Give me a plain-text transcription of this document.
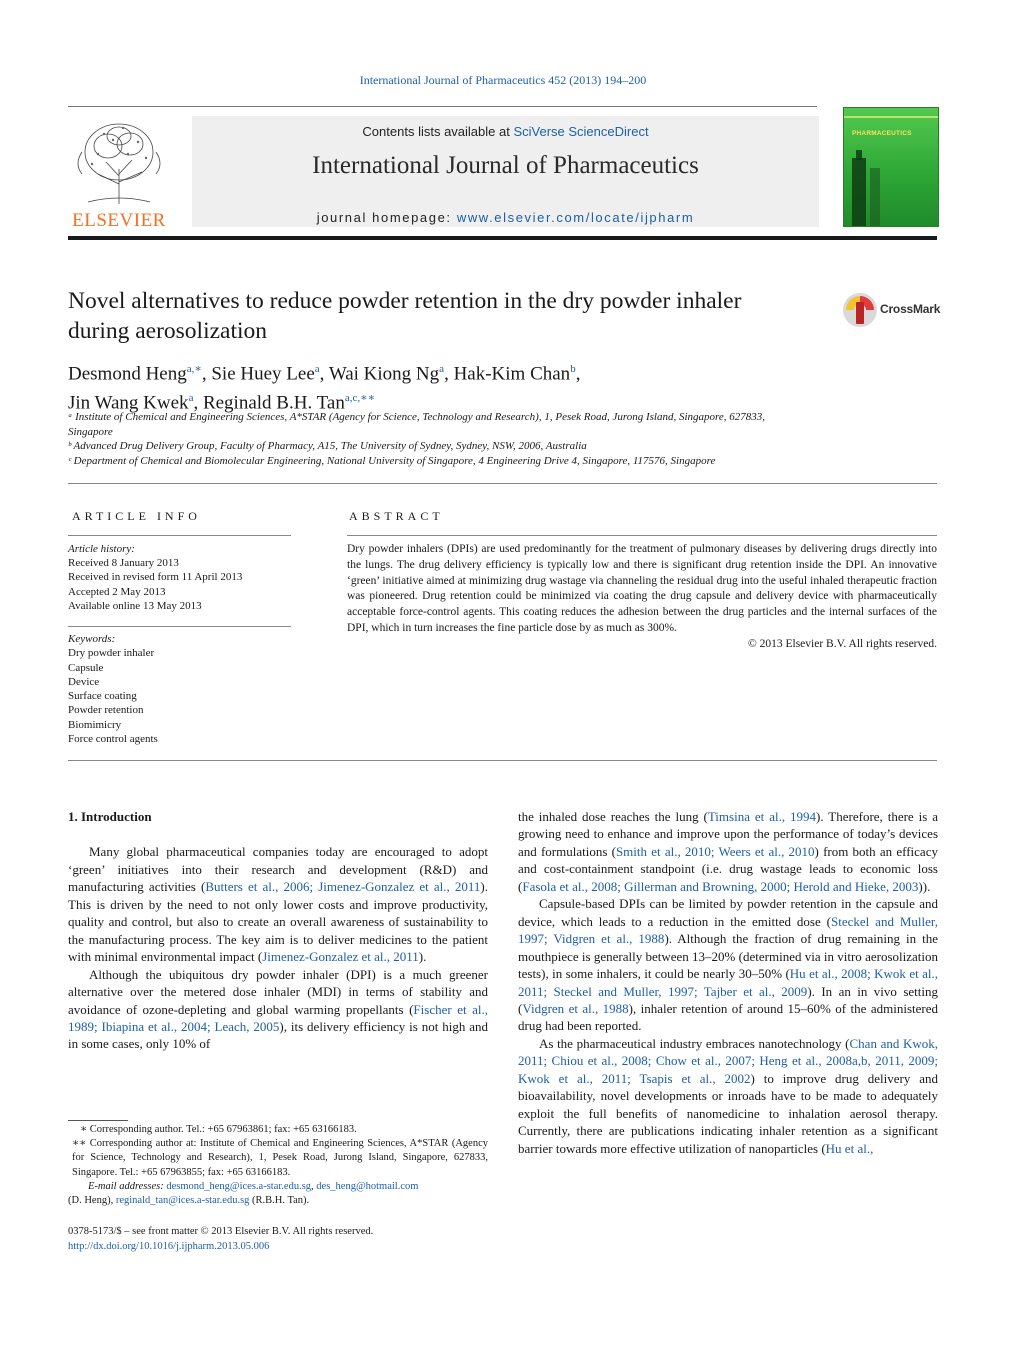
International Journal of Pharmaceutics 452 (2013) 194–200
ELSEVIER
Contents lists available at SciVerse ScienceDirect
International Journal of Pharmaceutics
journal homepage: www.elsevier.com/locate/ijpharm
PHARMACEUTICS
Novel alternatives to reduce powder retention in the dry powder inhaler during aerosolization
CrossMark
Desmond Heng$^{a,∗}$, Sie Huey Lee$^a$, Wai Kiong Ng$^a$, Hak-Kim Chan$^b$,
Jin Wang Kwek$^a$, Reginald B.H. Tan$^{a,c,∗∗}$
ᵃ Institute of Chemical and Engineering Sciences, A*STAR (Agency for Science, Technology and Research), 1, Pesek Road, Jurong Island, Singapore, 627833, Singapore
ᵇ Advanced Drug Delivery Group, Faculty of Pharmacy, A15, The University of Sydney, Sydney, NSW, 2006, Australia
ᶜ Department of Chemical and Biomolecular Engineering, National University of Singapore, 4 Engineering Drive 4, Singapore, 117576, Singapore
ARTICLE INFO
Article history:
Received 8 January 2013
Received in revised form 11 April 2013
Accepted 2 May 2013
Available online 13 May 2013
Keywords:
Dry powder inhaler
Capsule
Device
Surface coating
Powder retention
Biomimicry
Force control agents
ABSTRACT
Dry powder inhalers (DPIs) are used predominantly for the treatment of pulmonary diseases by delivering drugs directly into the lungs. The drug delivery efficiency is typically low and there is significant drug retention inside the DPI. An innovative ‘green’ initiative aimed at minimizing drug wastage via channeling the residual drug into the useful inhaled therapeutic fraction was pioneered. Drug retention could be minimized via coating the drug capsule and delivery device with pharmaceutically acceptable force-control agents. This coating reduces the adhesion between the drug particles and the internal surfaces of the DPI, which in turn increases the fine particle dose by as much as 300%.
© 2013 Elsevier B.V. All rights reserved.
1. Introduction

Many global pharmaceutical companies today are encouraged to adopt ‘green’ initiatives into their research and development (R&D) and manufacturing activities (Butters et al., 2006; Jimenez-Gonzalez et al., 2011). This is driven by the need to not only lower costs and improve productivity, quality and control, but also to create an overall awareness of sustainability to the manufacturing process. The key aim is to deliver medicines to the patient with minimal environmental impact (Jimenez-Gonzalez et al., 2011).

Although the ubiquitous dry powder inhaler (DPI) is a much greener alternative over the metered dose inhaler (MDI) in terms of stability and avoidance of ozone-depleting and global warming propellants (Fischer et al., 1989; Ibiapina et al., 2004; Leach, 2005), its delivery efficiency is not high and in some cases, only 10% of

∗ Corresponding author. Tel.: +65 67963861; fax: +65 63166183.

∗∗ Corresponding author at: Institute of Chemical and Engineering Sciences, A*STAR (Agency for Science, Technology and Research), 1, Pesek Road, Jurong Island, Singapore, 627833, Singapore. Tel.: +65 67963855; fax: +65 63166183.

E-mail addresses: desmond_heng@ices.a-star.edu.sg, des_heng@hotmail.com

(D. Heng), reginald_tan@ices.a-star.edu.sg (R.B.H. Tan).

0378-5173/$ – see front matter © 2013 Elsevier B.V. All rights reserved.
http://dx.doi.org/10.1016/j.ijpharm.2013.05.006

the inhaled dose reaches the lung (Timsina et al., 1994). Therefore, there is a growing need to enhance and improve upon the performance of today’s devices and formulations (Smith et al., 2010; Weers et al., 2010) from both an efficacy and cost-containment standpoint (i.e. drug wastage leads to economic loss (Fasola et al., 2008; Gillerman and Browning, 2000; Herold and Hieke, 2003)).

Capsule-based DPIs can be limited by powder retention in the capsule and device, which leads to a reduction in the emitted dose (Steckel and Muller, 1997; Vidgren et al., 1988). Although the fraction of drug remaining in the mouthpiece is generally between 13–20% (determined via in vitro aerosolization tests), in some inhalers, it could be nearly 30–50% (Hu et al., 2008; Kwok et al., 2011; Steckel and Muller, 1997; Tajber et al., 2009). In an in vivo setting (Vidgren et al., 1988), inhaler retention of around 15–60% of the administered drug had been reported.

As the pharmaceutical industry embraces nanotechnology (Chan and Kwok, 2011; Chiou et al., 2008; Chow et al., 2007; Heng et al., 2008a,b, 2011, 2009; Kwok et al., 2011; Tsapis et al., 2002) to improve drug delivery and bioavailability, novel developments or inroads have to be made to adequately exploit the full benefits of nanomedicine to inhalation aerosol therapy. Currently, there are publications indicating inhaler retention as a significant barrier towards more effective utilization of nanoparticles (Hu et al.,
